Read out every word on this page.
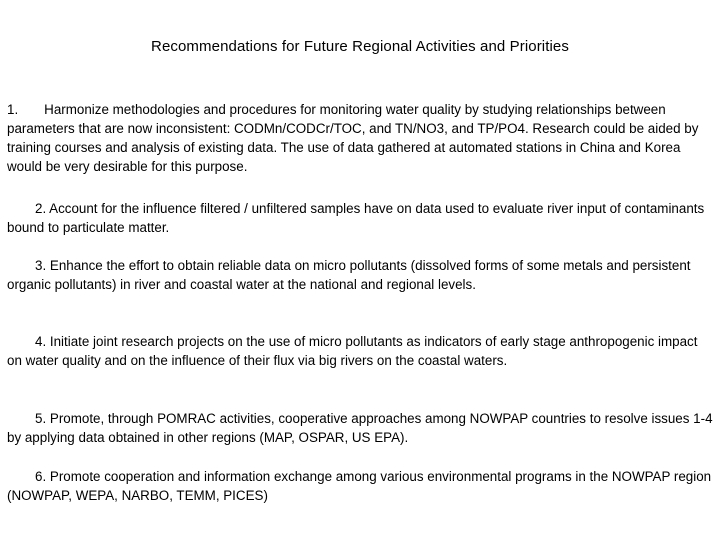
Recommendations for Future Regional Activities and Priorities

1. Harmonize methodologies and procedures for monitoring water quality by studying relationships between parameters that are now inconsistent: CODMn/CODCr/TOC, and TN/NO3, and TP/PO4. Research could be aided by training courses and analysis of existing data. The use of data gathered at automated stations in China and Korea would be very desirable for this purpose.

2. Account for the influence filtered / unfiltered samples have on data used to evaluate river input of contaminants bound to particulate matter.

3. Enhance the effort to obtain reliable data on micro pollutants (dissolved forms of some metals and persistent organic pollutants) in river and coastal water at the national and regional levels.

4. Initiate joint research projects on the use of micro pollutants as indicators of early stage anthropogenic impact on water quality and on the influence of their flux via big rivers on the coastal waters.

5. Promote, through POMRAC activities, cooperative approaches among NOWPAP countries to resolve issues 1-4 by applying data obtained in other regions (MAP, OSPAR, US EPA).

6. Promote cooperation and information exchange among various environmental programs in the NOWPAP region (NOWPAP, WEPA, NARBO, TEMM, PICES)
